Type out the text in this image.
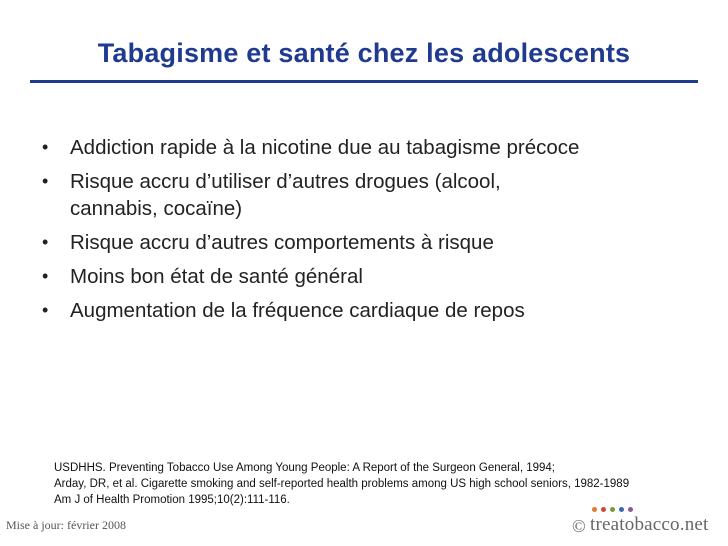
Tabagisme et santé chez les adolescents
• Addiction rapide à la nicotine due au tabagisme précoce
• Risque accru d’utiliser d’autres drogues (alcool,
cannabis, cocaïne)
• Risque accru d’autres comportements à risque
• Moins bon état de santé général
• Augmentation de la fréquence cardiaque de repos
USDHHS. Preventing Tobacco Use Among Young People: A Report of the Surgeon General, 1994;
Arday, DR, et al. Cigarette smoking and self-reported health problems among US high school seniors, 1982-1989
Am J of Health Promotion 1995;10(2):111-116.
Mise à jour: février 2008	© treatobacco.net
